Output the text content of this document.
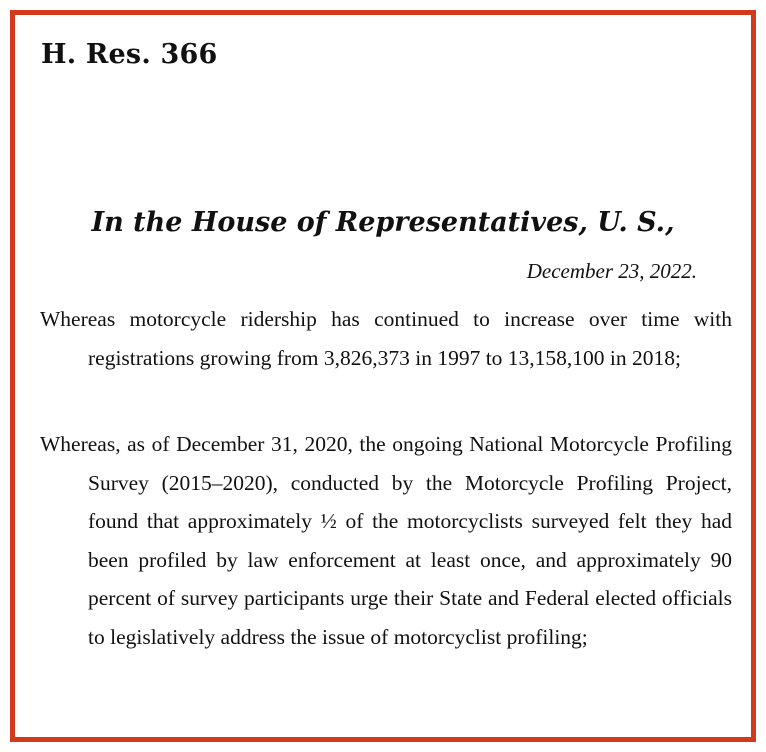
H. Res. 366
In the House of Representatives, U. S.,

December 23, 2022.

Whereas motorcycle ridership has continued to increase over time with registrations growing from 3,826,373 in 1997 to 13,158,100 in 2018;

Whereas, as of December 31, 2020, the ongoing National Motorcycle Profiling Survey (2015–2020), conducted by the Motorcycle Profiling Project, found that approximately ½ of the motorcyclists surveyed felt they had been profiled by law enforcement at least once, and approximately 90 percent of survey participants urge their State and Federal elected officials to legislatively address the issue of motorcyclist profiling;
